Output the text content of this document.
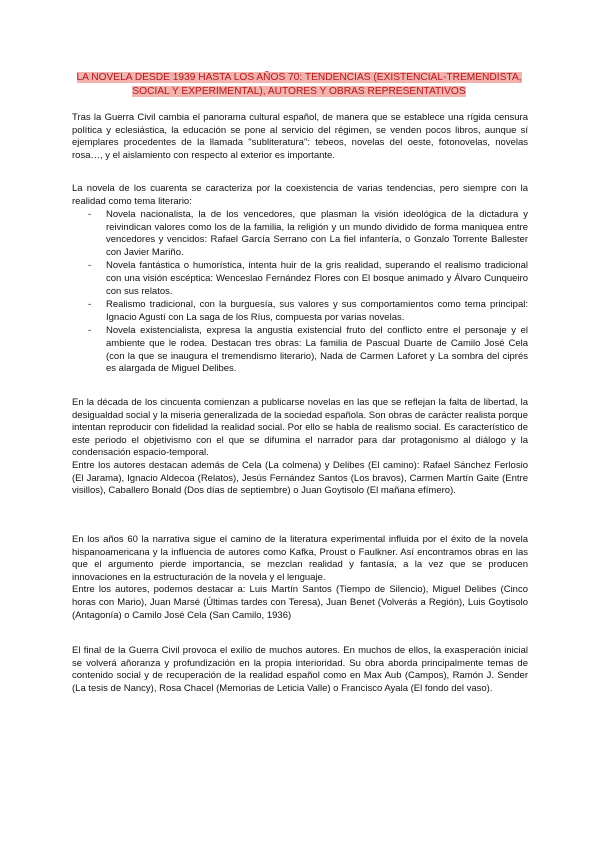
LA NOVELA DESDE 1939 HASTA LOS AÑOS 70: TENDENCIAS (EXISTENCIAL-TREMENDISTA, SOCIAL Y EXPERIMENTAL), AUTORES Y OBRAS REPRESENTATIVOS

Tras la Guerra Civil cambia el panorama cultural español, de manera que se establece una rígida censura política y eclesiástica, la educación se pone al servicio del régimen, se venden pocos libros, aunque sí ejemplares procedentes de la llamada "subliteratura": tebeos, novelas del oeste, fotonovelas, novelas rosa…, y el aislamiento con respecto al exterior es importante.

La novela de los cuarenta se caracteriza por la coexistencia de varias tendencias, pero siempre con la realidad como tema literario:

- Novela nacionalista, la de los vencedores, que plasman la visión ideológica de la dictadura y reivindican valores como los de la familia, la religión y un mundo dividido de forma maniquea entre vencedores y vencidos: Rafael García Serrano con La fiel infantería, o Gonzalo Torrente Ballester con Javier Mariño.
- Novela fantástica o humorística, intenta huir de la gris realidad, superando el realismo tradicional con una visión escéptica: Wenceslao Fernández Flores con El bosque animado y Álvaro Cunqueiro con sus relatos.
- Realismo tradicional, con la burguesía, sus valores y sus comportamientos como tema principal: Ignacio Agustí con La saga de los Ríus, compuesta por varias novelas.
- Novela existencialista, expresa la angustia existencial fruto del conflicto entre el personaje y el ambiente que le rodea. Destacan tres obras: La familia de Pascual Duarte de Camilo José Cela (con la que se inaugura el tremendismo literario), Nada de Carmen Laforet y La sombra del ciprés es alargada de Miguel Delibes.

En la década de los cincuenta comienzan a publicarse novelas en las que se reflejan la falta de libertad, la desigualdad social y la miseria generalizada de la sociedad española. Son obras de carácter realista porque intentan reproducir con fidelidad la realidad social. Por ello se habla de realismo social. Es característico de este periodo el objetivismo con el que se difumina el narrador para dar protagonismo al diálogo y la condensación espacio-temporal.

Entre los autores destacan además de Cela (La colmena) y Delibes (El camino): Rafael Sánchez Ferlosio (El Jarama), Ignacio Aldecoa (Relatos), Jesús Fernández Santos (Los bravos), Carmen Martín Gaite (Entre visillos), Caballero Bonald (Dos días de septiembre) o Juan Goytisolo (El mañana efímero).

En los años 60 la narrativa sigue el camino de la literatura experimental influida por el éxito de la novela hispanoamericana y la influencia de autores como Kafka, Proust o Faulkner. Así encontramos obras en las que el argumento pierde importancia, se mezclan realidad y fantasía, a la vez que se producen innovaciones en la estructuración de la novela y el lenguaje.

Entre los autores, podemos destacar a: Luis Martín Santos (Tiempo de Silencio), Miguel Delibes (Cinco horas con Mario), Juan Marsé (Últimas tardes con Teresa), Juan Benet (Volverás a Región), Luis Goytisolo (Antagonía) o Camilo José Cela (San Camilo, 1936)

El final de la Guerra Civil provoca el exilio de muchos autores. En muchos de ellos, la exasperación inicial se volverá añoranza y profundización en la propia interioridad. Su obra aborda principalmente temas de contenido social y de recuperación de la realidad español como en Max Aub (Campos), Ramón J. Sender (La tesis de Nancy), Rosa Chacel (Memorias de Leticia Valle) o Francisco Ayala (El fondo del vaso).
